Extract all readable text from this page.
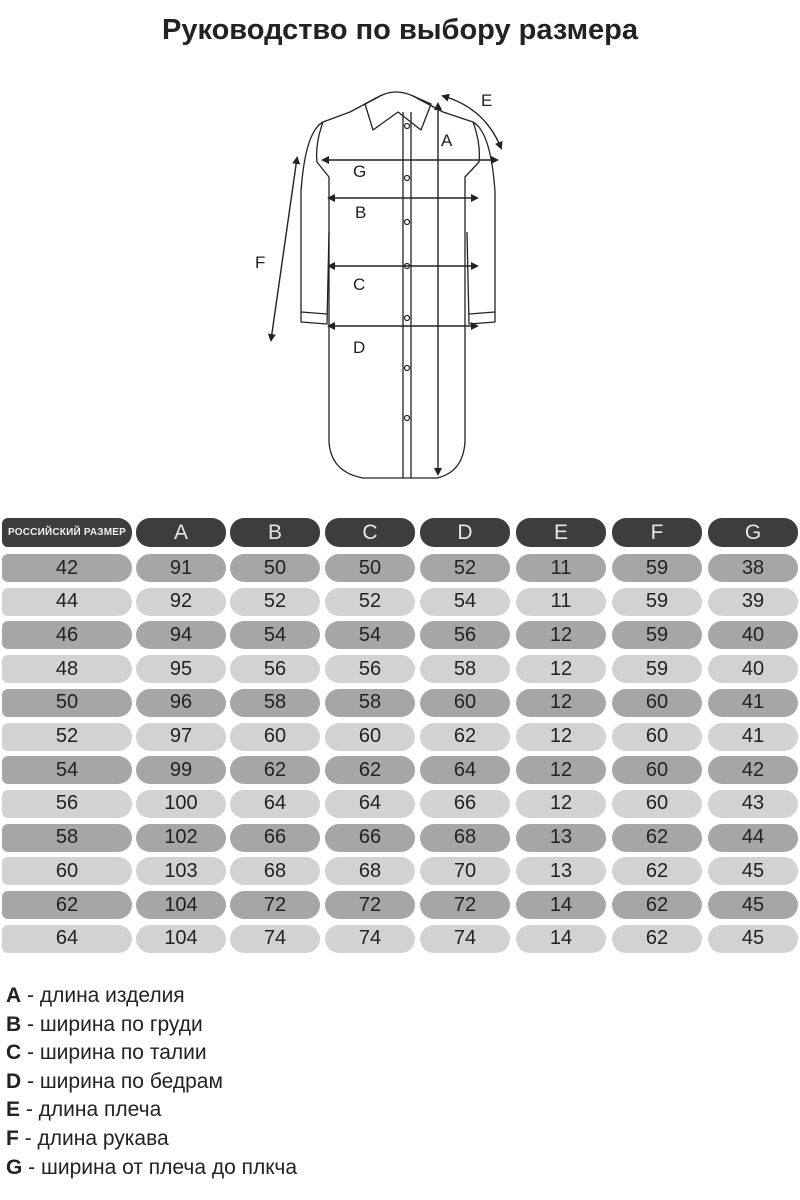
Руководство по выбору размера
A
E
G
B
C
D
F
РОССИЙСКИЙ РАЗМЕР	A	B	C	D	E	F	G
42	91	50	50	52	11	59	38
44	92	52	52	54	11	59	39
46	94	54	54	56	12	59	40
48	95	56	56	58	12	59	40
50	96	58	58	60	12	60	41
52	97	60	60	62	12	60	41
54	99	62	62	64	12	60	42
56	100	64	64	66	12	60	43
58	102	66	66	68	13	62	44
60	103	68	68	70	13	62	45
62	104	72	72	72	14	62	45
64	104	74	74	74	14	62	45
A - длина изделия
B - ширина по груди
C - ширина по талии
D - ширина по бедрам
E - длина плеча
F - длина рукава
G - ширина от плеча до плкча
